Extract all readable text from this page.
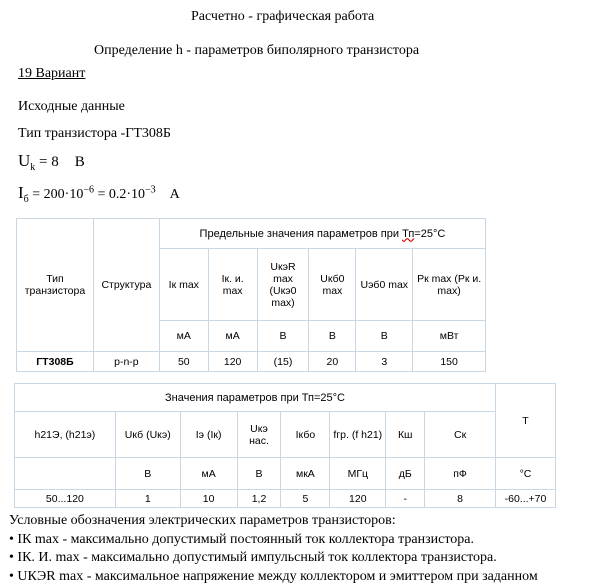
Расчетно - графическая работа
Определение h - параметров биполярного транзистора
19 Вариант
Исходные данные
Тип транзистора -ГТ308Б
$U_k = 8$ В
$I_б = 200\cdot 10^{-6} = 0.2\cdot 10^{-3}$ А
Тип транзистора	Структура	Предельные значения параметров при Тп=25°С					
		Iк max	Iк. и. max	UкэR max (Uкэ0 max)	Uкб0 max	Uэб0 max	Pк max (Pк и. max)
		мА	мА	В	В	В	мВт
ГТ308Б	p-n-p	50	120	(15)	20	3	150
Значения параметров при Тп=25°С								Т
h21Э, (h21э)	Uкб (Uкэ)	Iэ (Iк)	Uкэ нас.	Iкбо	fгр. (f h21)	Кш	Ск	
	В	мА	В	мкА	МГц	дБ	пФ	°С
50...120	1	10	1,2	5	120	-	8	-60...+70
Условные обозначения электрических параметров транзисторов:
• IК max - максимально допустимый постоянный ток коллектора транзистора.
• IК. И. max - максимально допустимый импульсный ток коллектора транзистора.
• UКЭR max - максимальное напряжение между коллектором и эмиттером при заданном
